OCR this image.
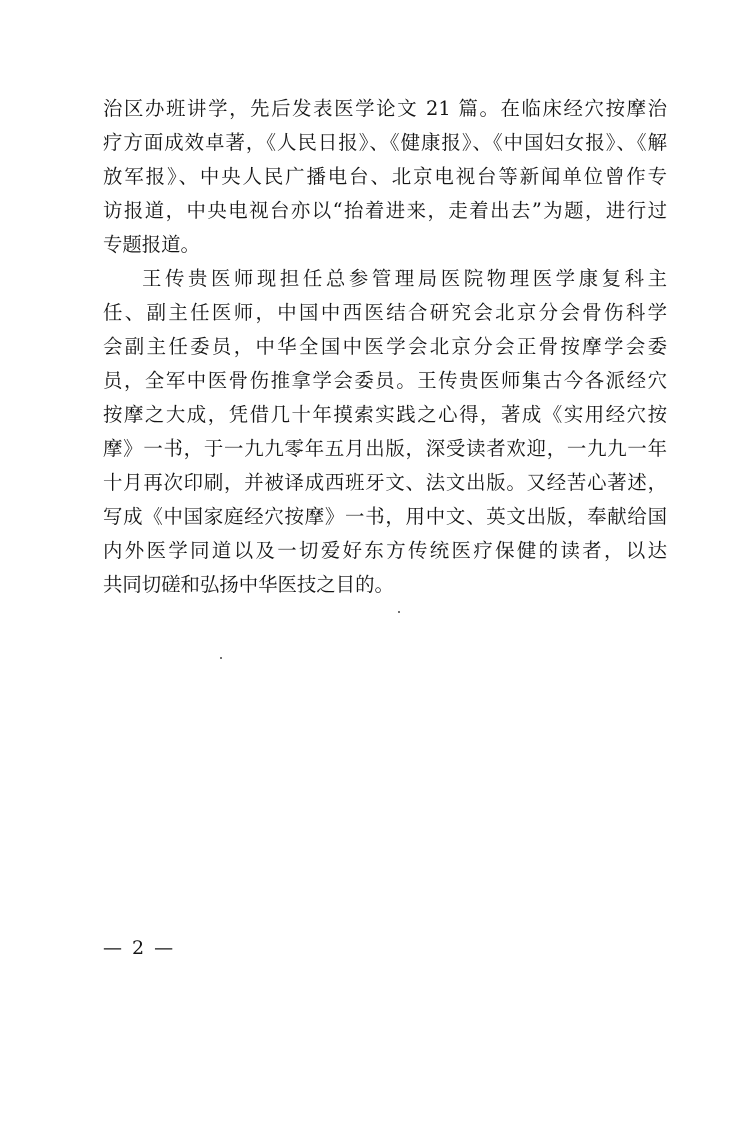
治区办班讲学，先后发表医学论文 21 篇。在临床经穴按摩治
疗方面成效卓著，《人民日报》、《健康报》、《中国妇女报》、《解
放军报》、中央人民广播电台、北京电视台等新闻单位曾作专
访报道，中央电视台亦以“抬着进来，走着出去”为题，进行过
专题报道。
王传贵医师现担任总参管理局医院物理医学康复科主
任、副主任医师，中国中西医结合研究会北京分会骨伤科学
会副主任委员，中华全国中医学会北京分会正骨按摩学会委
员，全军中医骨伤推拿学会委员。王传贵医师集古今各派经穴
按摩之大成，凭借几十年摸索实践之心得，著成《实用经穴按
摩》一书，于一九九零年五月出版，深受读者欢迎，一九九一年
十月再次印刷，并被译成西班牙文、法文出版。又经苦心著述，
写成《中国家庭经穴按摩》一书，用中文、英文出版，奉献给国
内外医学同道以及一切爱好东方传统医疗保健的读者，以达
共同切磋和弘扬中华医技之目的。
— 2 —
